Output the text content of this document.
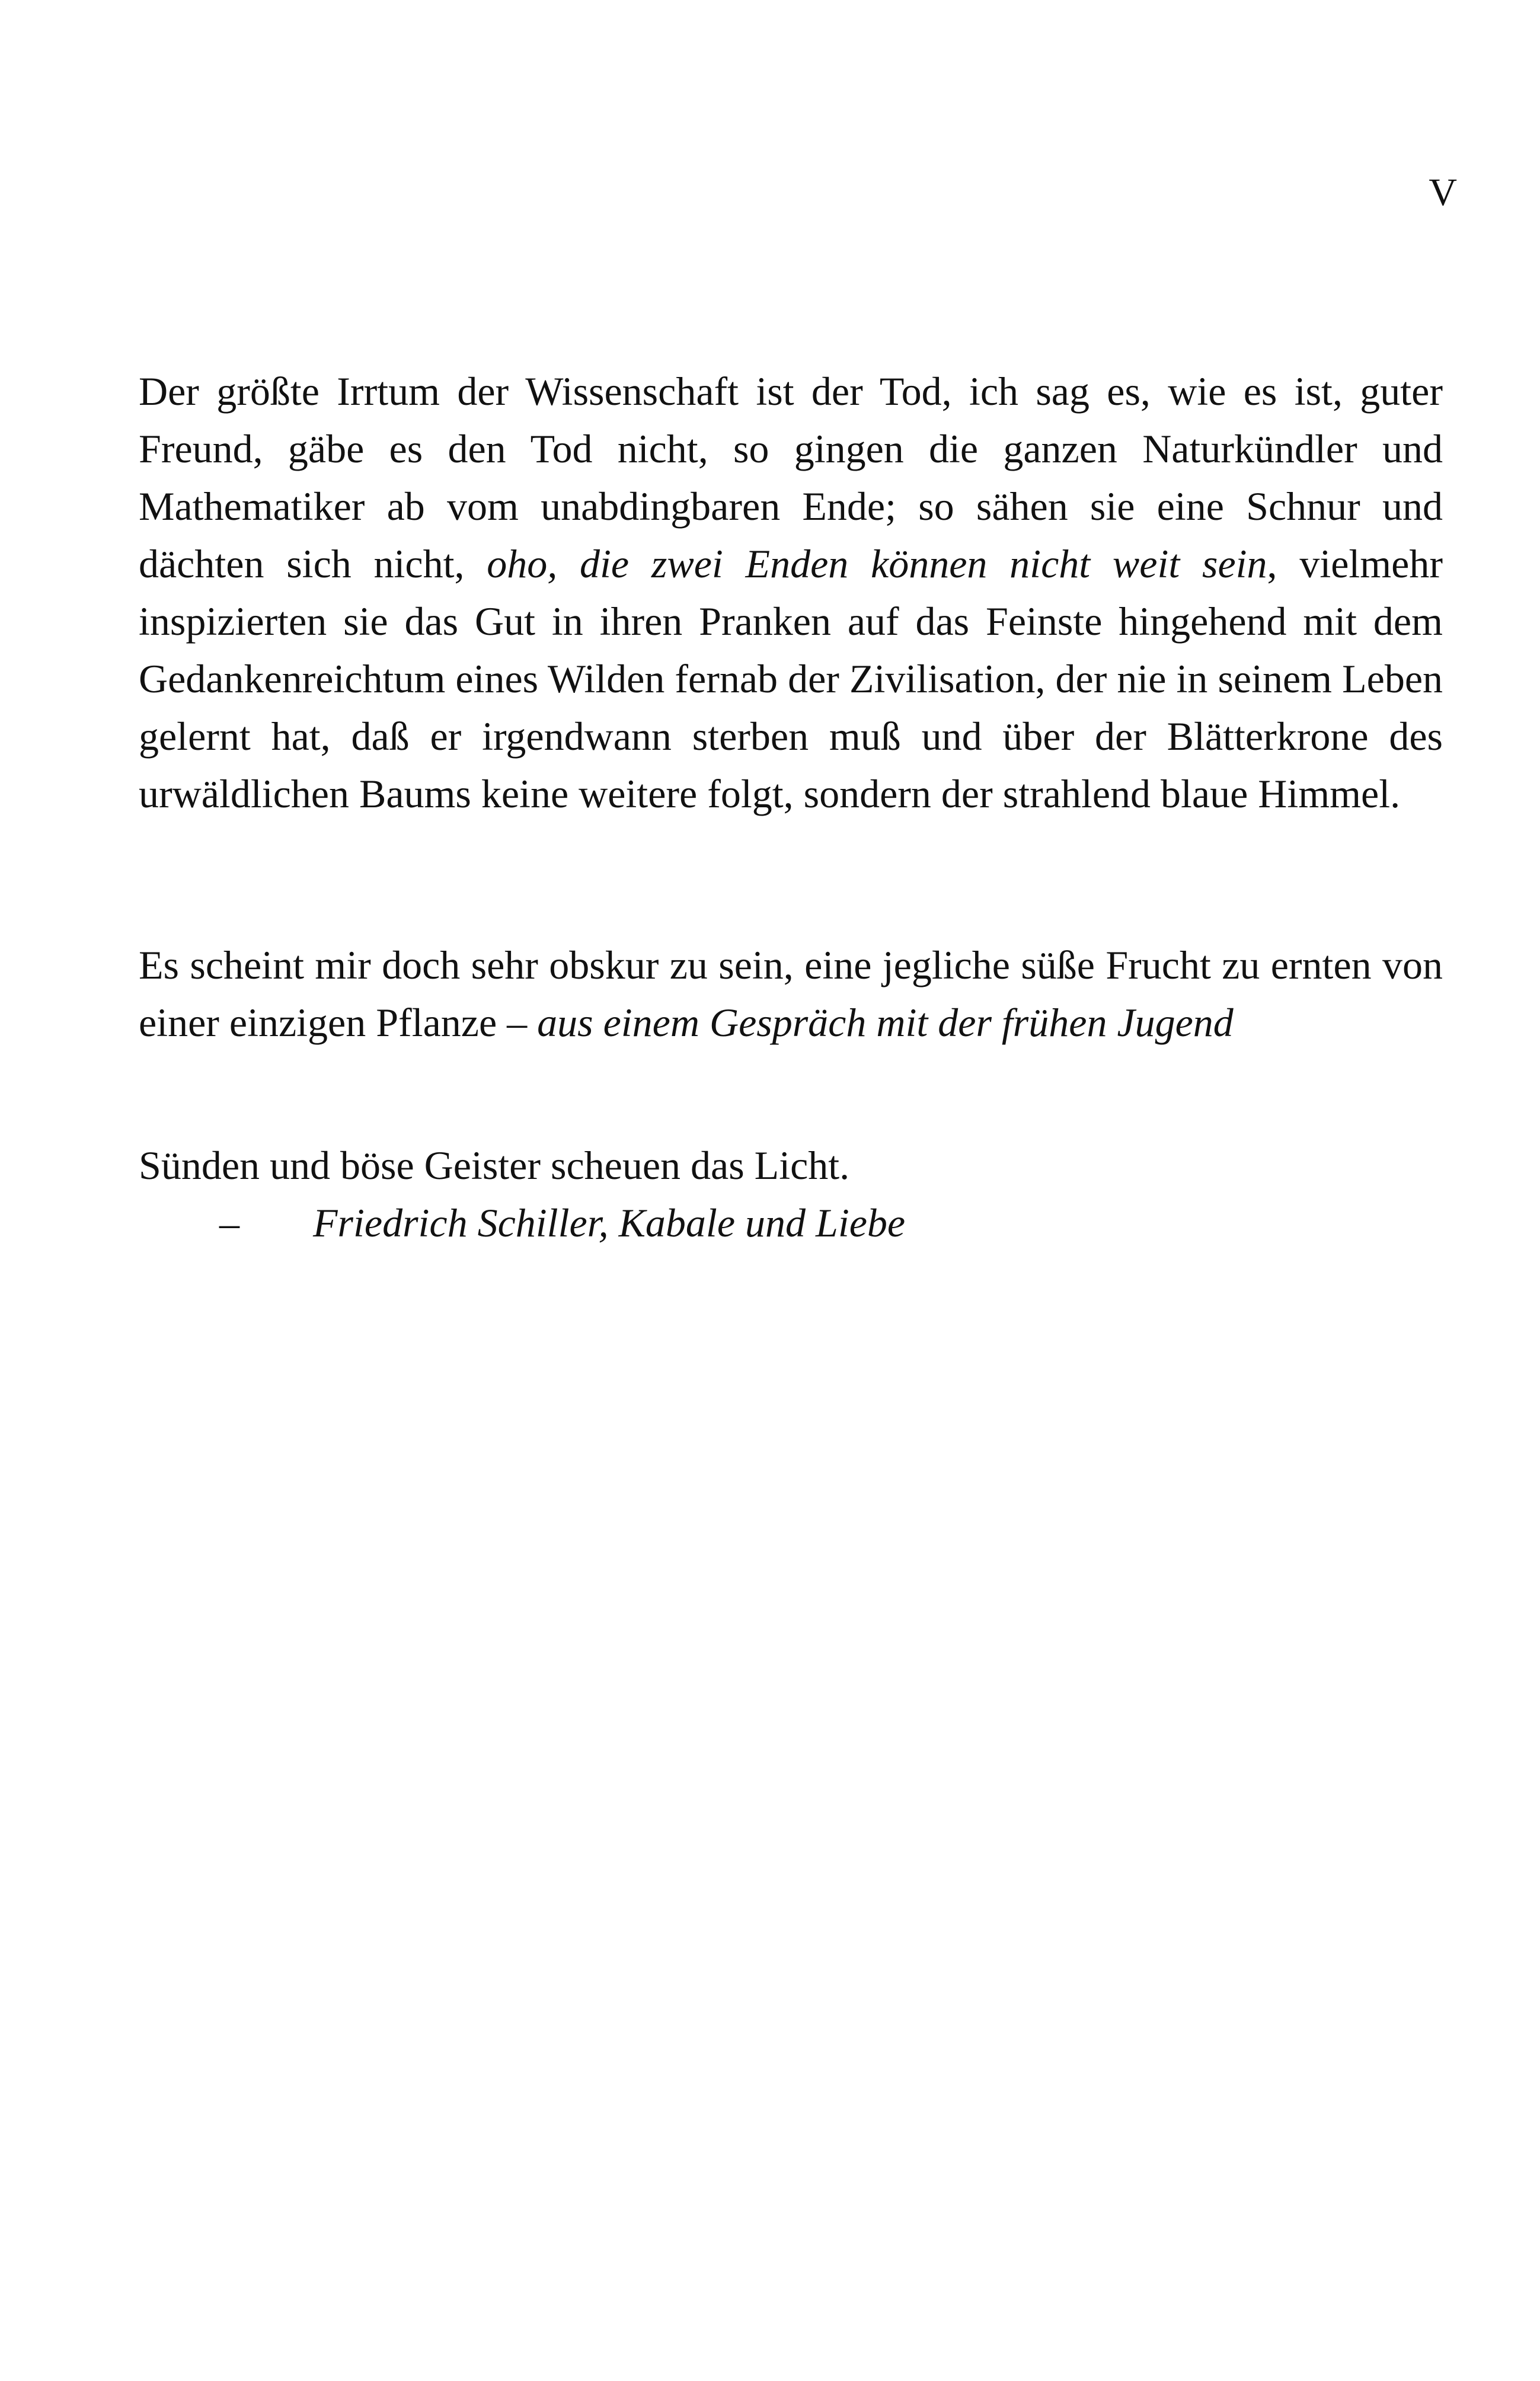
V

Der größte Irrtum der Wissenschaft ist der Tod, ich sag es, wie es ist, guter Freund, gäbe es den Tod nicht, so gingen die ganzen Naturkündler und Mathematiker ab vom unabdingbaren Ende; so sähen sie eine Schnur und dächten sich nicht, oho, die zwei Enden können nicht weit sein, vielmehr inspizierten sie das Gut in ihren Pranken auf das Feinste hingehend mit dem Gedankenreichtum eines Wilden fernab der Zivilisation, der nie in seinem Leben gelernt hat, daß er irgendwann sterben muß und über der Blätterkrone des urwäldlichen Baums keine weitere folgt, sondern der strahlend blaue Himmel.

Es scheint mir doch sehr obskur zu sein, eine jegliche süße Frucht zu ernten von einer einzigen Pflanze – aus einem Gespräch mit der frühen Jugend

Sünden und böse Geister scheuen das Licht.
– Friedrich Schiller, Kabale und Liebe
